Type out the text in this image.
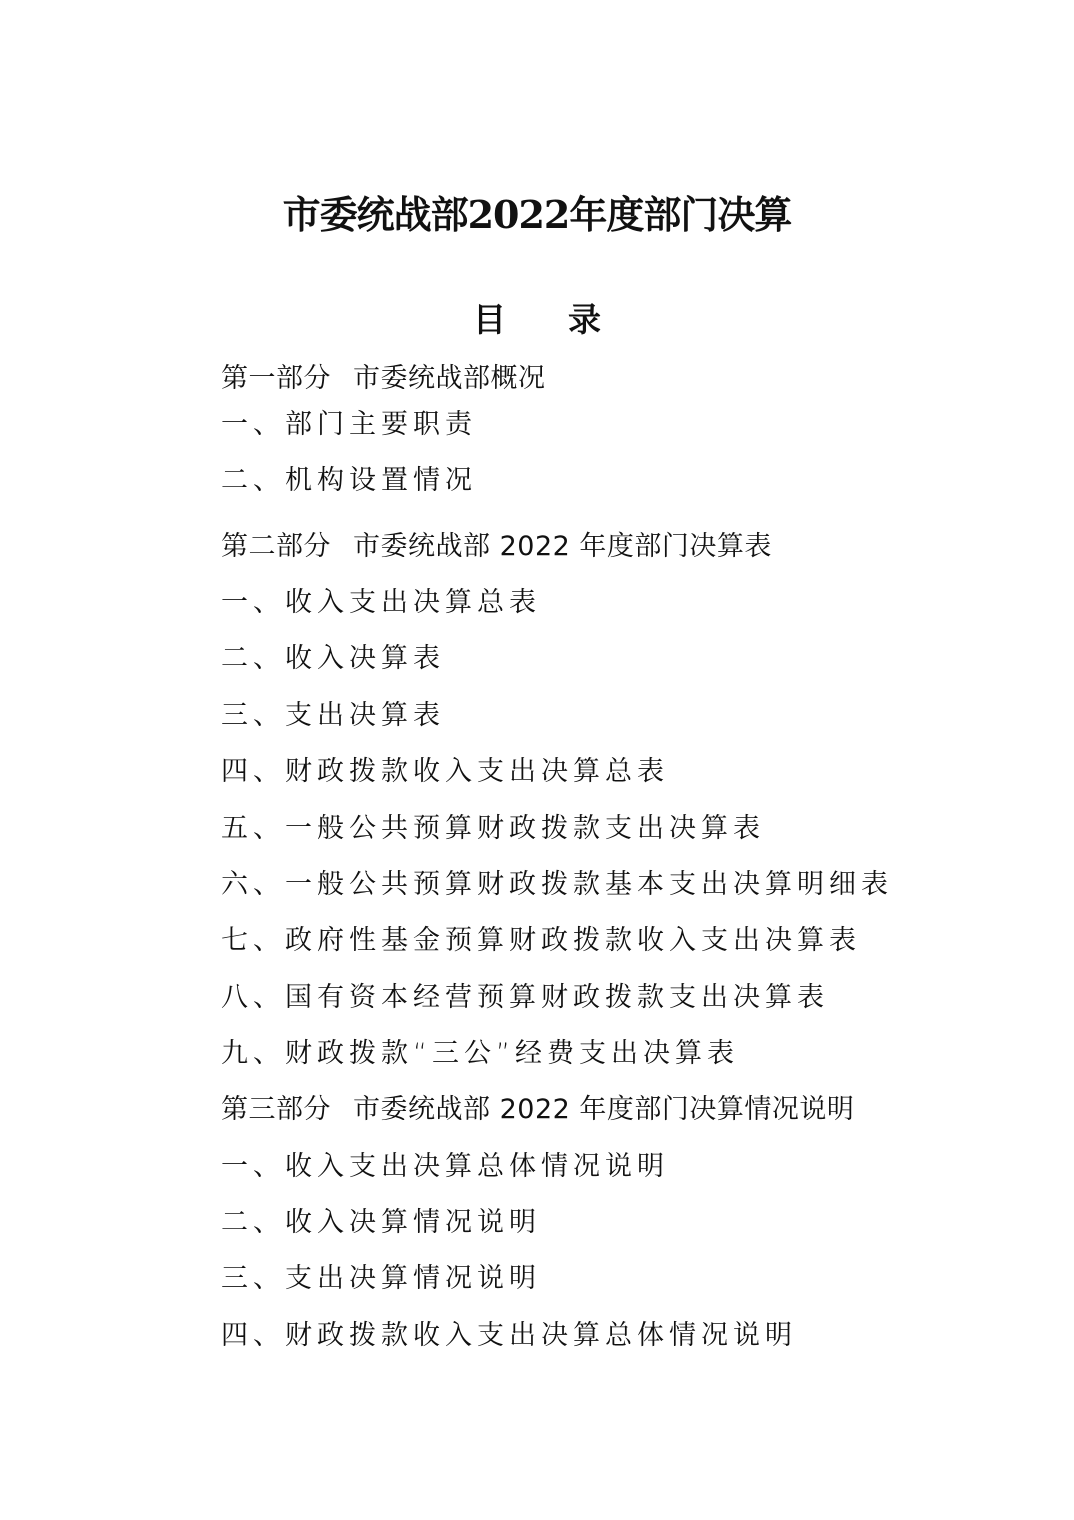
市委统战部2022年度部门决算
目 录
第一部分 市委统战部概况
一、部门主要职责
二、机构设置情况
第二部分 市委统战部 2022 年度部门决算表
一、收入支出决算总表
二、收入决算表
三、支出决算表
四、财政拨款收入支出决算总表
五、一般公共预算财政拨款支出决算表
六、一般公共预算财政拨款基本支出决算明细表
七、政府性基金预算财政拨款收入支出决算表
八、国有资本经营预算财政拨款支出决算表
九、财政拨款“三公”经费支出决算表
第三部分 市委统战部 2022 年度部门决算情况说明
一、收入支出决算总体情况说明
二、收入决算情况说明
三、支出决算情况说明
四、财政拨款收入支出决算总体情况说明
